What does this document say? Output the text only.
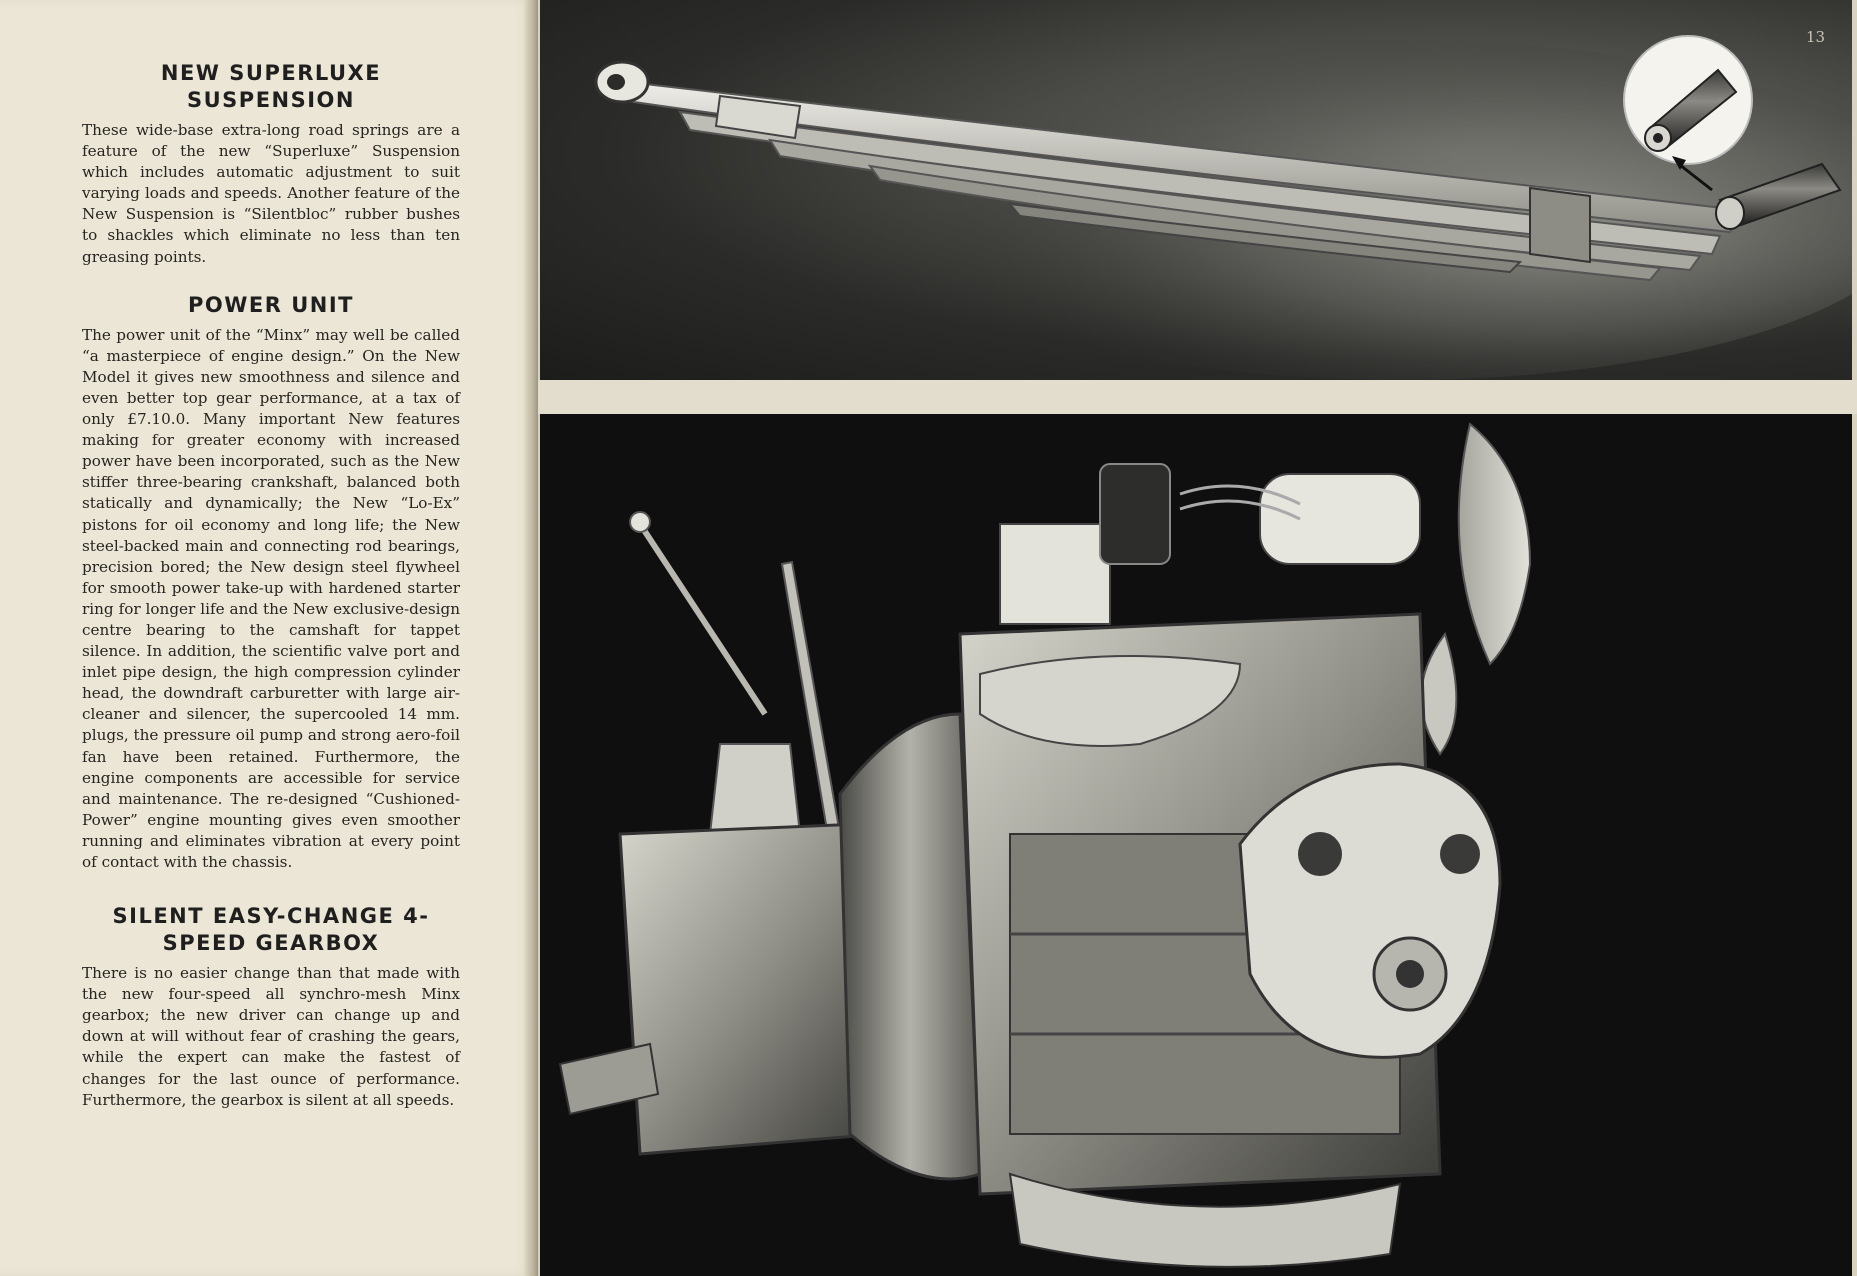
NEW SUPERLUXE SUSPENSION

These wide-base extra-long road springs are a feature of the new “Superluxe” Suspension which includes automatic adjustment to suit varying loads and speeds. Another feature of the New Suspension is “Silentbloc” rubber bushes to shackles which eliminate no less than ten greasing points.

POWER UNIT

The power unit of the “Minx” may well be called “a masterpiece of engine design.” On the New Model it gives new smoothness and silence and even better top gear performance, at a tax of only £7.10.0. Many important New features making for greater economy with increased power have been incorporated, such as the New stiffer three-bearing crankshaft, balanced both statically and dynamically; the New “Lo-Ex” pistons for oil economy and long life; the New steel-backed main and connecting rod bearings, precision bored; the New design steel flywheel for smooth power take-up with hardened starter ring for longer life and the New exclusive-design centre bearing to the camshaft for tappet silence. In addition, the scientific valve port and inlet pipe design, the high compression cylinder head, the downdraft carburetter with large air-cleaner and silencer, the supercooled 14 mm. plugs, the pressure oil pump and strong aero-foil fan have been retained. Furthermore, the engine components are accessible for service and maintenance. The re-designed “Cushioned-Power” engine mounting gives even smoother running and eliminates vibration at every point of contact with the chassis.

SILENT EASY-CHANGE 4-SPEED GEARBOX

There is no easier change than that made with the new four-speed all synchro-mesh Minx gearbox; the new driver can change up and down at will without fear of crashing the gears, while the expert can make the fastest of changes for the last ounce of performance. Furthermore, the gearbox is silent at all speeds.

13
